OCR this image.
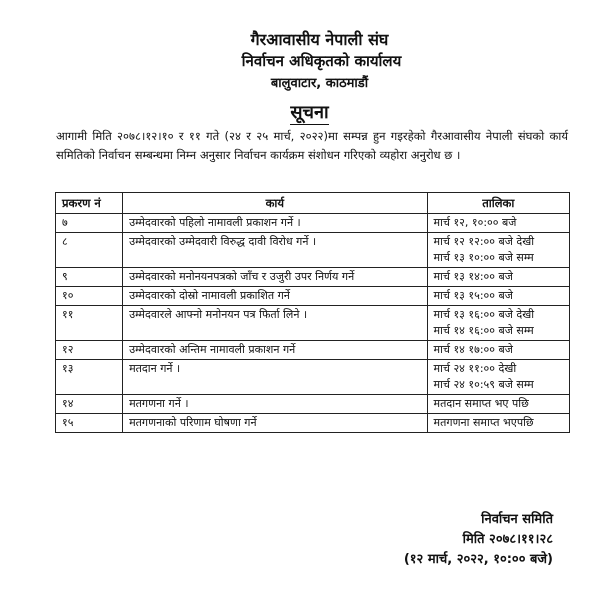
गैरआवासीय नेपाली संघ
निर्वाचन अधिकृतको कार्यालय
बालुवाटार, काठमाडौं
सूचना
आगामी मिति २०७८।१२।१० र ११ गते (२४ र २५ मार्च, २०२२)मा सम्पन्न हुन गइरहेको गैरआवासीय नेपाली संघको कार्य समितिको निर्वाचन सम्बन्धमा निम्न अनुसार निर्वाचन कार्यक्रम संशोधन गरिएको व्यहोरा अनुरोध छ ।
प्रकरण नं	कार्य	तालिका
७	उम्मेदवारको पहिलो नामावली प्रकाशन गर्ने ।	मार्च १२, १०:०० बजे

८	उम्मेदवारको उम्मेदवारी विरुद्ध दावी विरोध गर्ने ।	मार्च १२ १२:०० बजे देखी
मार्च १३ १०:०० बजे सम्म

९	उम्मेदवारको मनोनयनपत्रको जाँच र उजुरी उपर निर्णय गर्ने	मार्च १३ १४:०० बजे

१०	उम्मेदवारको दोस्रो नामावली प्रकाशित गर्ने	मार्च १३ १५:०० बजे

११	उम्मेदवारले आफ्नो मनोनयन पत्र फिर्ता लिने ।	मार्च १३ १६:०० बजे देखी
मार्च १४ १६:०० बजे सम्म

१२	उम्मेदवारको अन्तिम नामावली प्रकाशन गर्ने	मार्च १४ १७:०० बजे

१३	मतदान गर्ने ।	मार्च २४ ११:०० देखी
मार्च २४ १०:५९ बजे सम्म

१४	मतगणना गर्ने ।	मतदान समाप्त भए पछि

१५	मतगणनाको परिणाम घोषणा गर्ने	मतगणना समाप्त भएपछि
निर्वाचन समिति
मिति २०७८।११।२८
(१२ मार्च, २०२२, १०:०० बजे)
